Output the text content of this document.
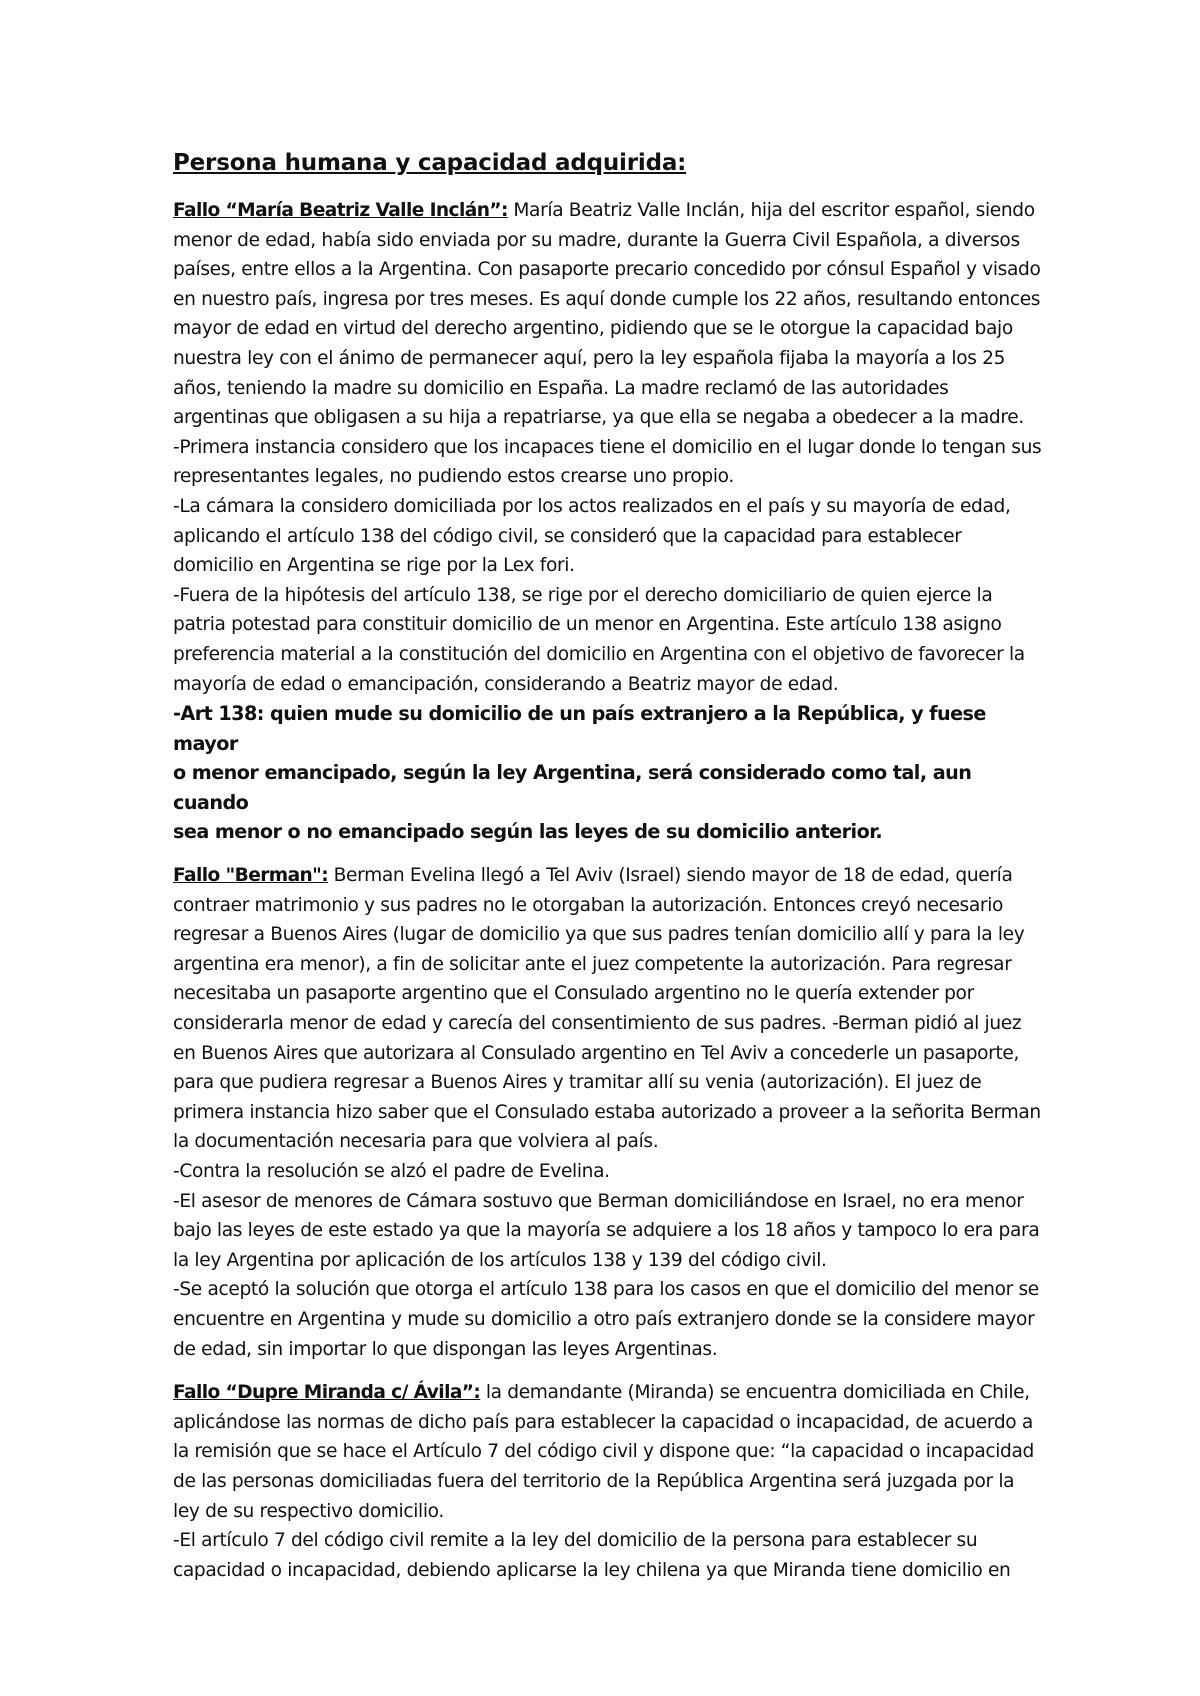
Persona humana y capacidad adquirida:

Fallo “María Beatriz Valle Inclán”: María Beatriz Valle Inclán, hija del escritor español, siendo menor de edad, había sido enviada por su madre, durante la Guerra Civil Española, a diversos países, entre ellos a la Argentina. Con pasaporte precario concedido por cónsul Español y visado en nuestro país, ingresa por tres meses. Es aquí donde cumple los 22 años, resultando entonces mayor de edad en virtud del derecho argentino, pidiendo que se le otorgue la capacidad bajo nuestra ley con el ánimo de permanecer aquí, pero la ley española fijaba la mayoría a los 25 años, teniendo la madre su domicilio en España. La madre reclamó de las autoridades argentinas que obligasen a su hija a repatriarse, ya que ella se negaba a obedecer a la madre.

-Primera instancia considero que los incapaces tiene el domicilio en el lugar donde lo tengan sus representantes legales, no pudiendo estos crearse uno propio.

-La cámara la considero domiciliada por los actos realizados en el país y su mayoría de edad, aplicando el artículo 138 del código civil, se consideró que la capacidad para establecer domicilio en Argentina se rige por la Lex fori.

-Fuera de la hipótesis del artículo 138, se rige por el derecho domiciliario de quien ejerce la patria potestad para constituir domicilio de un menor en Argentina. Este artículo 138 asigno preferencia material a la constitución del domicilio en Argentina con el objetivo de favorecer la mayoría de edad o emancipación, considerando a Beatriz mayor de edad.

-Art 138: quien mude su domicilio de un país extranjero a la República, y fuese mayor
o menor emancipado, según la ley Argentina, será considerado como tal, aun cuando
sea menor o no emancipado según las leyes de su domicilio anterior.

Fallo "Berman": Berman Evelina llegó a Tel Aviv (Israel) siendo mayor de 18 de edad, quería contraer matrimonio y sus padres no le otorgaban la autorización. Entonces creyó necesario regresar a Buenos Aires (lugar de domicilio ya que sus padres tenían domicilio allí y para la ley argentina era menor), a fin de solicitar ante el juez competente la autorización. Para regresar necesitaba un pasaporte argentino que el Consulado argentino no le quería extender por considerarla menor de edad y carecía del consentimiento de sus padres. -Berman pidió al juez en Buenos Aires que autorizara al Consulado argentino en Tel Aviv a concederle un pasaporte, para que pudiera regresar a Buenos Aires y tramitar allí su venia (autorización). El juez de primera instancia hizo saber que el Consulado estaba autorizado a proveer a la señorita Berman la documentación necesaria para que volviera al país.

-Contra la resolución se alzó el padre de Evelina.

-El asesor de menores de Cámara sostuvo que Berman domiciliándose en Israel, no era menor bajo las leyes de este estado ya que la mayoría se adquiere a los 18 años y tampoco lo era para la ley Argentina por aplicación de los artículos 138 y 139 del código civil.

-Se aceptó la solución que otorga el artículo 138 para los casos en que el domicilio del menor se encuentre en Argentina y mude su domicilio a otro país extranjero donde se la considere mayor de edad, sin importar lo que dispongan las leyes Argentinas.

Fallo “Dupre Miranda c/ Ávila”: la demandante (Miranda) se encuentra domiciliada en Chile, aplicándose las normas de dicho país para establecer la capacidad o incapacidad, de acuerdo a la remisión que se hace el Artículo 7 del código civil y dispone que: “la capacidad o incapacidad de las personas domiciliadas fuera del territorio de la República Argentina será juzgada por la ley de su respectivo domicilio.

-El artículo 7 del código civil remite a la ley del domicilio de la persona para establecer su capacidad o incapacidad, debiendo aplicarse la ley chilena ya que Miranda tiene domicilio en
